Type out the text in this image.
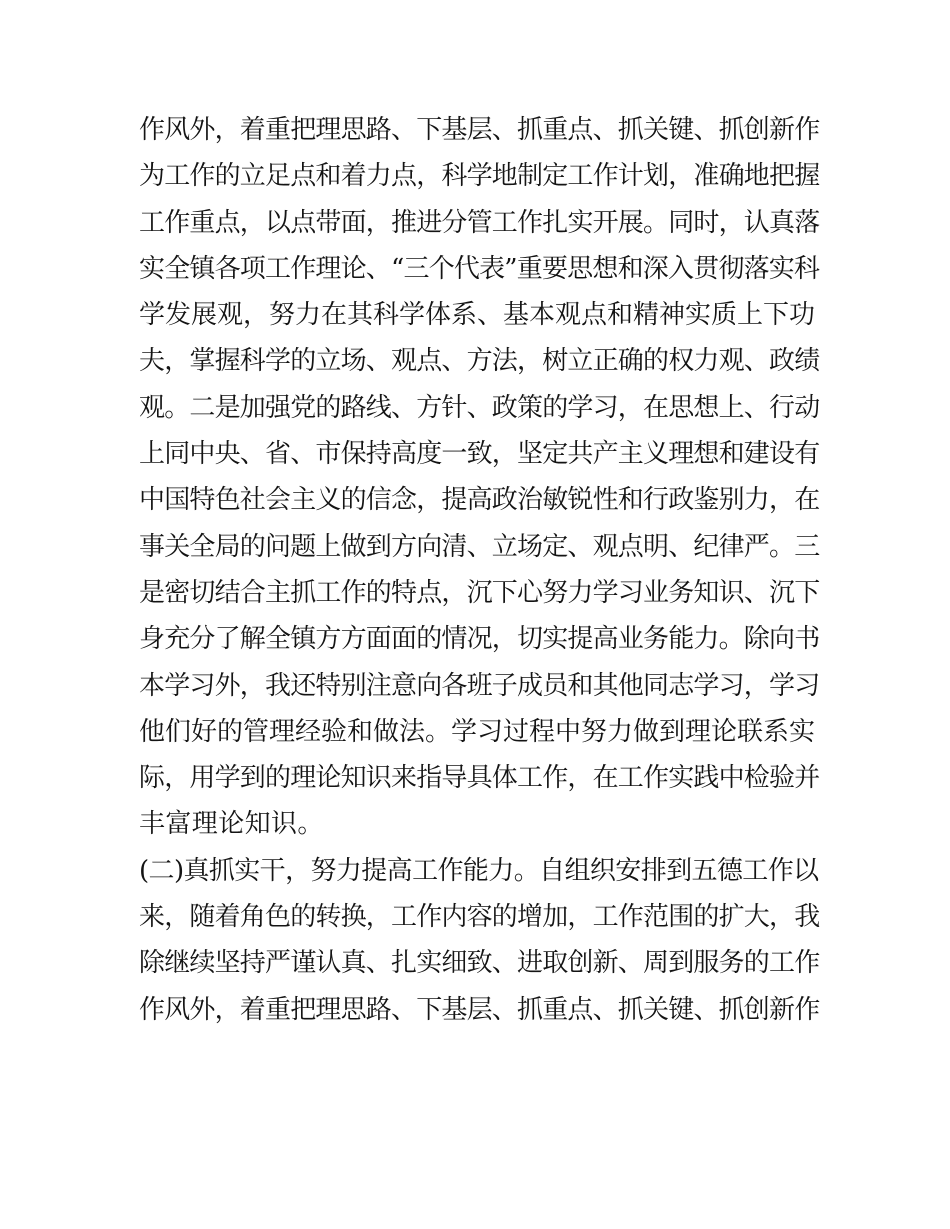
作风外，着重把理思路、下基层、抓重点、抓关键、抓创新作
为工作的立足点和着力点，科学地制定工作计划，准确地把握
工作重点，以点带面，推进分管工作扎实开展。同时，认真落
实全镇各项工作理论、“三个代表”重要思想和深入贯彻落实科
学发展观，努力在其科学体系、基本观点和精神实质上下功
夫，掌握科学的立场、观点、方法，树立正确的权力观、政绩
观。二是加强党的路线、方针、政策的学习，在思想上、行动
上同中央、省、市保持高度一致，坚定共产主义理想和建设有
中国特色社会主义的信念，提高政治敏锐性和行政鉴别力，在
事关全局的问题上做到方向清、立场定、观点明、纪律严。三
是密切结合主抓工作的特点，沉下心努力学习业务知识、沉下
身充分了解全镇方方面面的情况，切实提高业务能力。除向书
本学习外，我还特别注意向各班子成员和其他同志学习，学习
他们好的管理经验和做法。学习过程中努力做到理论联系实
际，用学到的理论知识来指导具体工作，在工作实践中检验并
丰富理论知识。
(二)真抓实干，努力提高工作能力。自组织安排到五德工作以
来，随着角色的转换，工作内容的增加，工作范围的扩大，我
除继续坚持严谨认真、扎实细致、进取创新、周到服务的工作
作风外，着重把理思路、下基层、抓重点、抓关键、抓创新作
